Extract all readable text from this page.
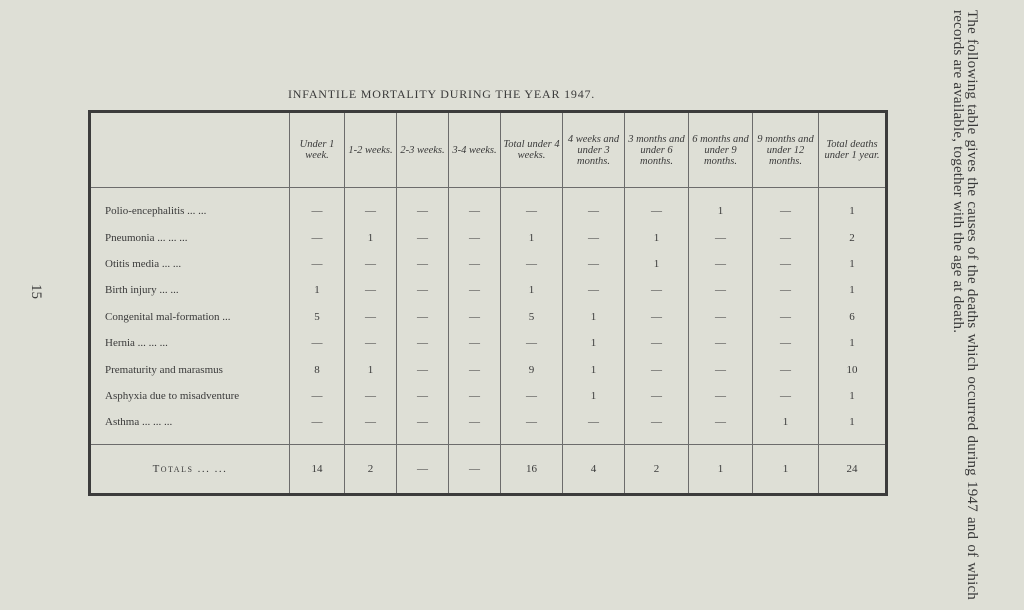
15	The following table gives the causes of the deaths which occurred during 1947 and of which records are available, together with the age at death.
INFANTILE MORTALITY DURING THE YEAR 1947.
	Under 1 week.	1-2 weeks.	2-3 weeks.	3-4 weeks.	Total under 4 weeks.	4 weeks and under 3 months.	3 months and under 6 months.	6 months and under 9 months.	9 months and under 12 months.	Total deaths under 1 year.
Polio-encephalitis ... ...	—	—	—	—	—	—	—	1	—	1
Pneumonia ... ... ...	—	1	—	—	1	—	1	—	—	2
Otitis media ... ...	—	—	—	—	—	—	1	—	—	1
Birth injury ... ...	1	—	—	—	1	—	—	—	—	1
Congenital mal-formation ...	5	—	—	—	5	1	—	—	—	6
Hernia ... ... ...	—	—	—	—	—	1	—	—	—	1
Prematurity and marasmus	8	1	—	—	9	1	—	—	—	10
Asphyxia due to misadventure	—	—	—	—	—	1	—	—	—	1
Asthma ... ... ...	—	—	—	—	—	—	—	—	1	1
Totals ... ...	14	2	—	—	16	4	2	1	1	24
